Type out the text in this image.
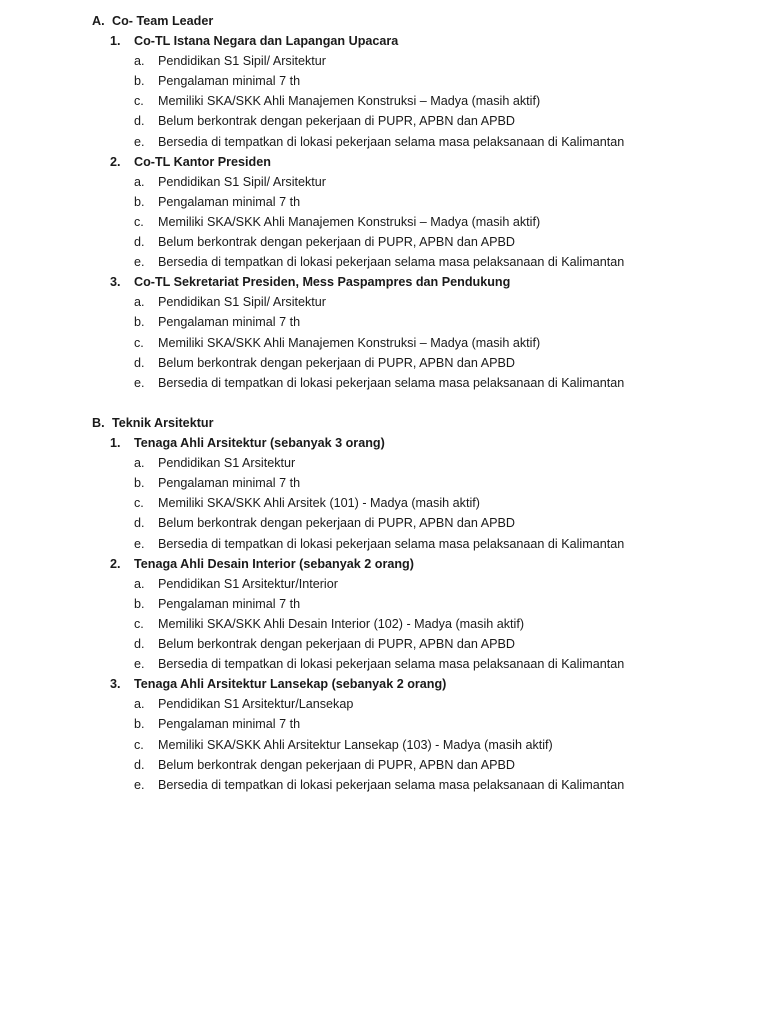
A. Co- Team Leader
1.	Co-TL Istana Negara dan Lapangan Upacara
a.	Pendidikan S1 Sipil/ Arsitektur
b.	Pengalaman minimal 7 th
c.	Memiliki SKA/SKK Ahli Manajemen Konstruksi – Madya (masih aktif)
d.	Belum berkontrak dengan pekerjaan di PUPR, APBN dan APBD
e.	Bersedia di tempatkan di lokasi pekerjaan selama masa pelaksanaan di Kalimantan
2.	Co-TL Kantor Presiden
a.	Pendidikan S1 Sipil/ Arsitektur
b.	Pengalaman minimal 7 th
c.	Memiliki SKA/SKK Ahli Manajemen Konstruksi – Madya (masih aktif)
d.	Belum berkontrak dengan pekerjaan di PUPR, APBN dan APBD
e.	Bersedia di tempatkan di lokasi pekerjaan selama masa pelaksanaan di Kalimantan
3.	Co-TL Sekretariat Presiden, Mess Paspampres dan Pendukung
a.	Pendidikan S1 Sipil/ Arsitektur
b.	Pengalaman minimal 7 th
c.	Memiliki SKA/SKK Ahli Manajemen Konstruksi – Madya (masih aktif)
d.	Belum berkontrak dengan pekerjaan di PUPR, APBN dan APBD
e.	Bersedia di tempatkan di lokasi pekerjaan selama masa pelaksanaan di Kalimantan
B. Teknik Arsitektur
1.	Tenaga Ahli Arsitektur (sebanyak 3 orang)
a.	Pendidikan S1 Arsitektur
b.	Pengalaman minimal 7 th
c.	Memiliki SKA/SKK Ahli Arsitek (101) - Madya (masih aktif)
d.	Belum berkontrak dengan pekerjaan di PUPR, APBN dan APBD
e.	Bersedia di tempatkan di lokasi pekerjaan selama masa pelaksanaan di Kalimantan
2.	Tenaga Ahli Desain Interior (sebanyak 2 orang)
a.	Pendidikan S1 Arsitektur/Interior
b.	Pengalaman minimal 7 th
c.	Memiliki SKA/SKK Ahli Desain Interior (102) - Madya (masih aktif)
d.	Belum berkontrak dengan pekerjaan di PUPR, APBN dan APBD
e.	Bersedia di tempatkan di lokasi pekerjaan selama masa pelaksanaan di Kalimantan
3.	Tenaga Ahli Arsitektur Lansekap (sebanyak 2 orang)
a.	Pendidikan S1 Arsitektur/Lansekap
b.	Pengalaman minimal 7 th
c.	Memiliki SKA/SKK Ahli Arsitektur Lansekap (103) - Madya (masih aktif)
d.	Belum berkontrak dengan pekerjaan di PUPR, APBN dan APBD
e.	Bersedia di tempatkan di lokasi pekerjaan selama masa pelaksanaan di Kalimantan
